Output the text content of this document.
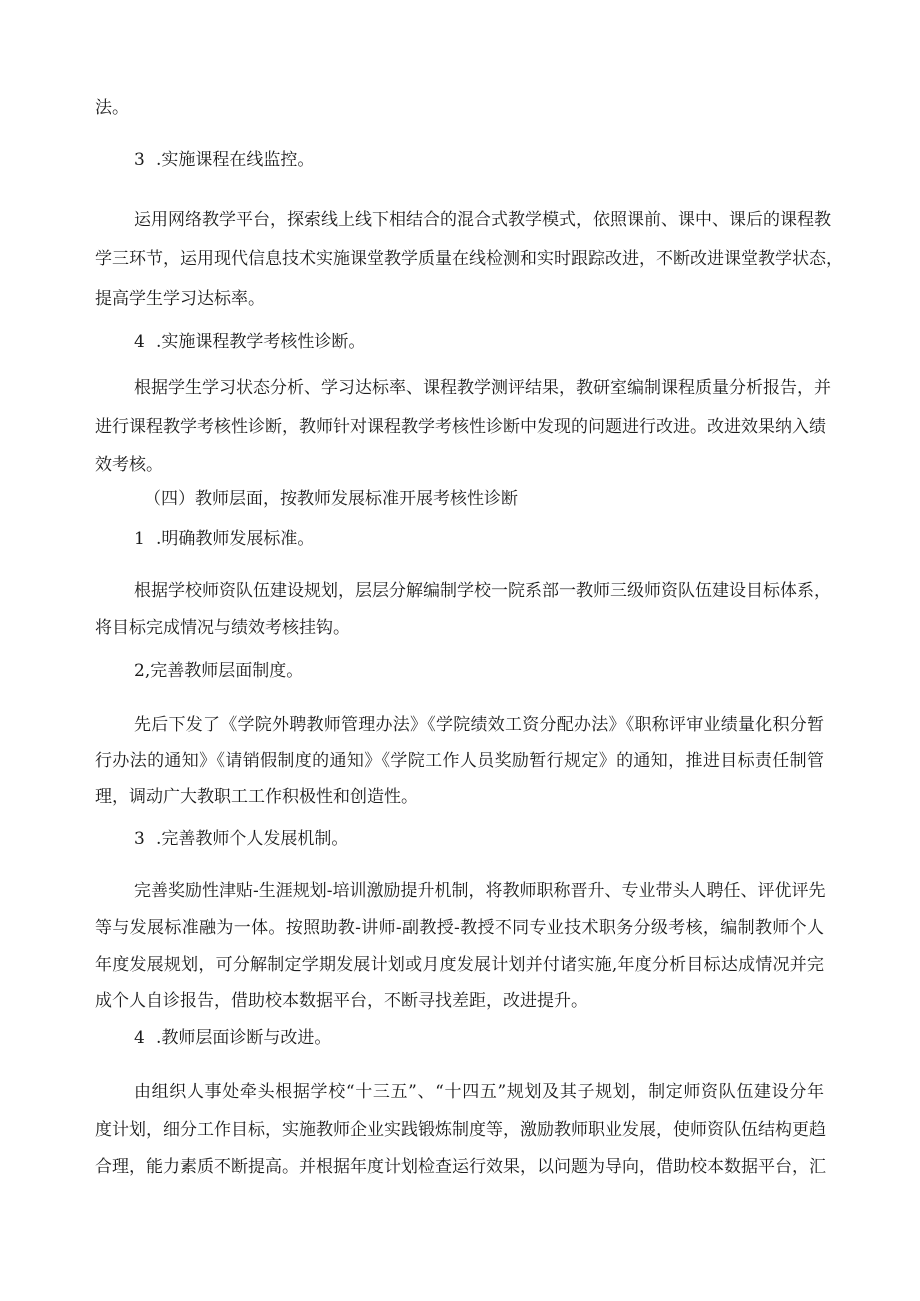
法。

3 .实施课程在线监控。

运用网络教学平台，探索线上线下相结合的混合式教学模式，依照课前、课中、课后的课程教

学三环节，运用现代信息技术实施课堂教学质量在线检测和实时跟踪改进，不断改进课堂教学状态，

提高学生学习达标率。

4 .实施课程教学考核性诊断。

根据学生学习状态分析、学习达标率、课程教学测评结果，教研室编制课程质量分析报告，并

进行课程教学考核性诊断，教师针对课程教学考核性诊断中发现的问题进行改进。改进效果纳入绩

效考核。

（四）教师层面，按教师发展标准开展考核性诊断

1 .明确教师发展标准。

根据学校师资队伍建设规划，层层分解编制学校一院系部一教师三级师资队伍建设目标体系，

将目标完成情况与绩效考核挂钩。

2,完善教师层面制度。

先后下发了《学院外聘教师管理办法》《学院绩效工资分配办法》《职称评审业绩量化积分暂

行办法的通知》《请销假制度的通知》《学院工作人员奖励暂行规定》的通知，推进目标责任制管

理，调动广大教职工工作积极性和创造性。

3 .完善教师个人发展机制。

完善奖励性津贴-生涯规划-培训激励提升机制，将教师职称晋升、专业带头人聘任、评优评先

等与发展标准融为一体。按照助教-讲师-副教授-教授不同专业技术职务分级考核，编制教师个人

年度发展规划，可分解制定学期发展计划或月度发展计划并付诸实施,年度分析目标达成情况并完

成个人自诊报告，借助校本数据平台，不断寻找差距，改进提升。

4 .教师层面诊断与改进。

由组织人事处牵头根据学校“十三五”、“十四五”规划及其子规划，制定师资队伍建设分年

度计划，细分工作目标，实施教师企业实践锻炼制度等，激励教师职业发展，使师资队伍结构更趋

合理，能力素质不断提高。并根据年度计划检查运行效果，以问题为导向，借助校本数据平台，汇
